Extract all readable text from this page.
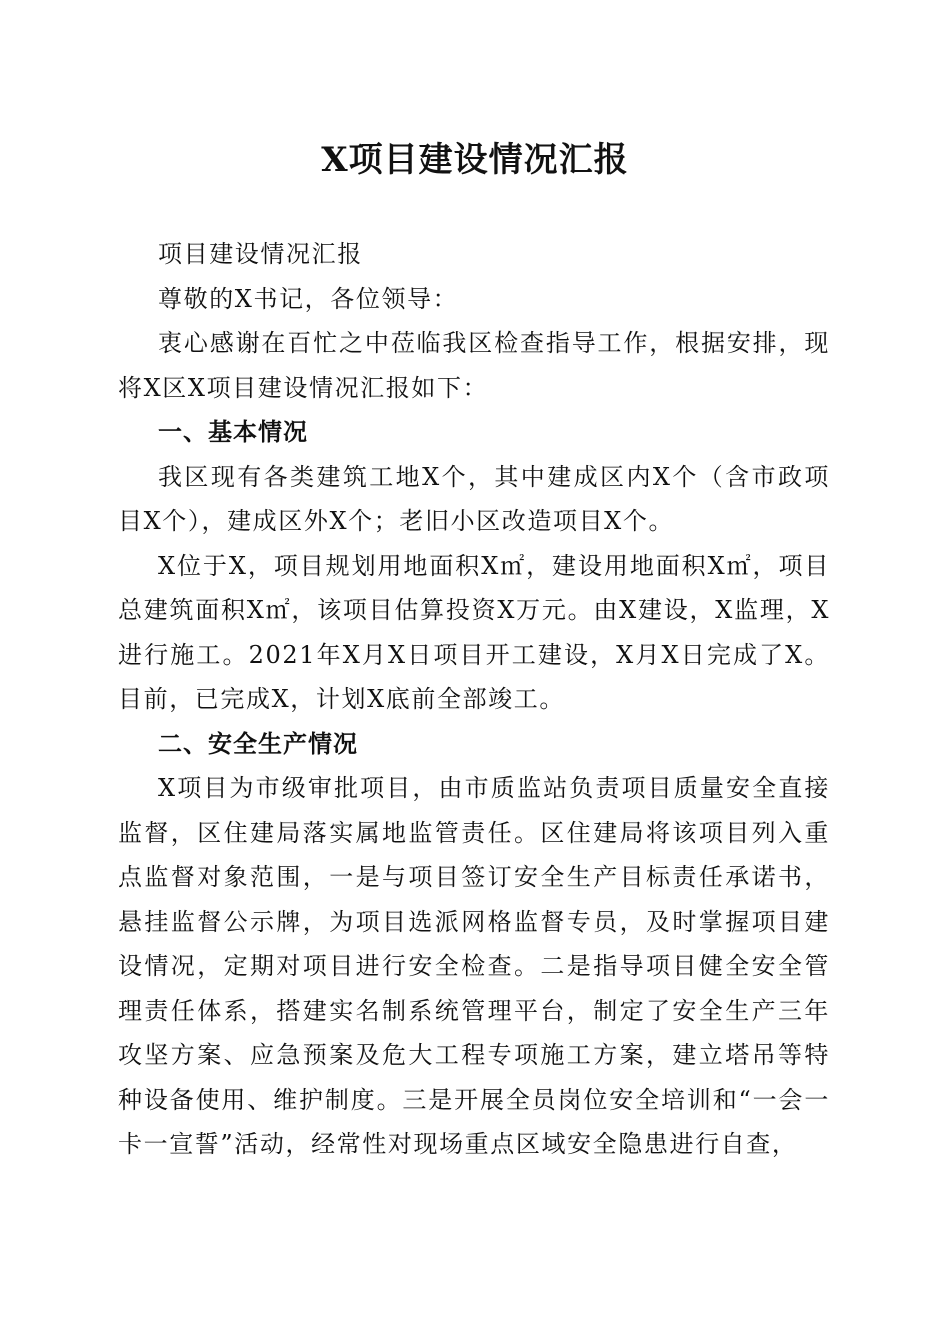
X项目建设情况汇报

项目建设情况汇报

尊敬的X书记，各位领导：

衷心感谢在百忙之中莅临我区检查指导工作，根据安排，现将X区X项目建设情况汇报如下：

一、基本情况

我区现有各类建筑工地X个，其中建成区内X个（含市政项目X个），建成区外X个；老旧小区改造项目X个。

X位于X，项目规划用地面积X㎡，建设用地面积X㎡，项目总建筑面积X㎡，该项目估算投资X万元。由X建设，X监理，X进行施工。2021年X月X日项目开工建设，X月X日完成了X。目前，已完成X，计划X底前全部竣工。

二、安全生产情况

X项目为市级审批项目，由市质监站负责项目质量安全直接监督，区住建局落实属地监管责任。区住建局将该项目列入重点监督对象范围，一是与项目签订安全生产目标责任承诺书，悬挂监督公示牌，为项目选派网格监督专员，及时掌握项目建设情况，定期对项目进行安全检查。二是指导项目健全安全管理责任体系，搭建实名制系统管理平台，制定了安全生产三年攻坚方案、应急预案及危大工程专项施工方案，建立塔吊等特种设备使用、维护制度。三是开展全员岗位安全培训和“一会一卡一宣誓”活动，经常性对现场重点区域安全隐患进行自查，
